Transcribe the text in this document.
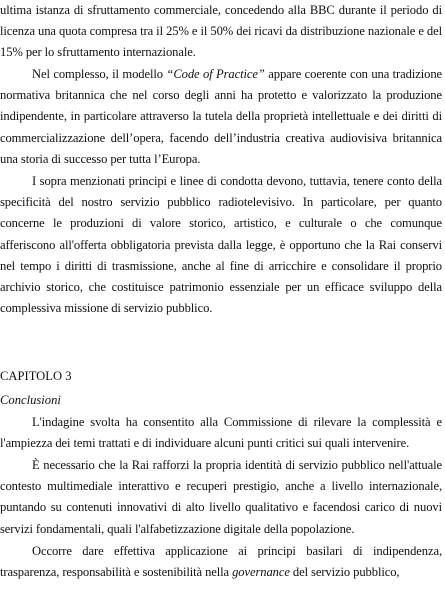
ultima istanza di sfruttamento commerciale, concedendo alla BBC durante il periodo di licenza una quota compresa tra il 25% e il 50% dei ricavi da distribuzione nazionale e del 15% per lo sfruttamento internazionale.

Nel complesso, il modello “Code of Practice” appare coerente con una tradizione normativa britannica che nel corso degli anni ha protetto e valorizzato la produzione indipendente, in particolare attraverso la tutela della proprietà intellettuale e dei diritti di commercializzazione dell’opera, facendo dell’industria creativa audiovisiva britannica una storia di successo per tutta l’Europa.

I sopra menzionati principi e linee di condotta devono, tuttavia, tenere conto della specificità del nostro servizio pubblico radiotelevisivo. In particolare, per quanto concerne le produzioni di valore storico, artistico, e culturale o che comunque afferiscono all'offerta obbligatoria prevista dalla legge, è opportuno che la Rai conservi nel tempo i diritti di trasmissione, anche al fine di arricchire e consolidare il proprio archivio storico, che costituisce patrimonio essenziale per un efficace sviluppo della complessiva missione di servizio pubblico.

CAPITOLO 3

Conclusioni

L'indagine svolta ha consentito alla Commissione di rilevare la complessità e l'ampiezza dei temi trattati e di individuare alcuni punti critici sui quali intervenire.

È necessario che la Rai rafforzi la propria identità di servizio pubblico nell'attuale contesto multimediale interattivo e recuperi prestigio, anche a livello internazionale, puntando su contenuti innovativi di alto livello qualitativo e facendosi carico di nuovi servizi fondamentali, quali l'alfabetizzazione digitale della popolazione.

Occorre dare effettiva applicazione ai principi basilari di indipendenza, trasparenza, responsabilità e sostenibilità nella governance del servizio pubblico,
